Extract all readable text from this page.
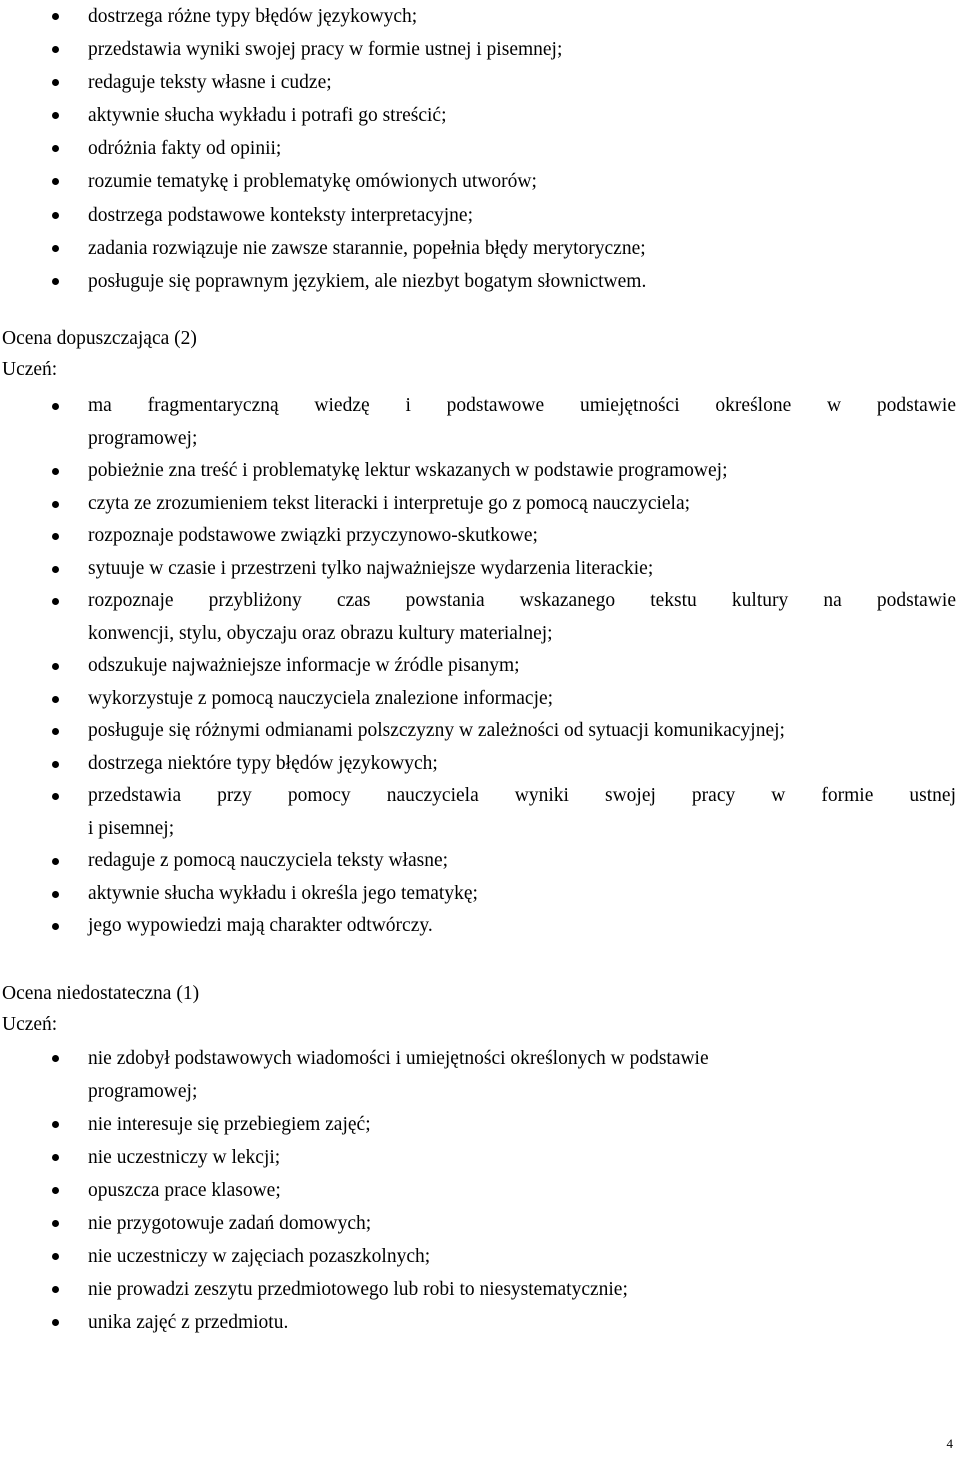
dostrzega różne typy błędów językowych;
przedstawia wyniki swojej pracy w formie ustnej i pisemnej;
redaguje teksty własne i cudze;
aktywnie słucha wykładu i potrafi go streścić;
odróżnia fakty od opinii;
rozumie tematykę i problematykę omówionych utworów;
dostrzega podstawowe konteksty interpretacyjne;
zadania rozwiązuje nie zawsze starannie, popełnia błędy merytoryczne;
posługuje się poprawnym językiem, ale niezbyt bogatym słownictwem.
Ocena dopuszczająca (2)
Uczeń:
ma fragmentaryczną wiedzę i podstawowe umiejętności określone w podstawie
programowej;
pobieżnie zna treść i problematykę lektur wskazanych w podstawie programowej;
czyta ze zrozumieniem tekst literacki i interpretuje go z pomocą nauczyciela;
rozpoznaje podstawowe związki przyczynowo-skutkowe;
sytuuje w czasie i przestrzeni tylko najważniejsze wydarzenia literackie;
rozpoznaje przybliżony czas powstania wskazanego tekstu kultury na podstawie
konwencji, stylu, obyczaju oraz obrazu kultury materialnej;
odszukuje najważniejsze informacje w źródle pisanym;
wykorzystuje z pomocą nauczyciela znalezione informacje;
posługuje się różnymi odmianami polszczyzny w zależności od sytuacji komunikacyjnej;
dostrzega niektóre typy błędów językowych;
przedstawia przy pomocy nauczyciela wyniki swojej pracy w formie ustnej
i pisemnej;
redaguje z pomocą nauczyciela teksty własne;
aktywnie słucha wykładu i określa jego tematykę;
jego wypowiedzi mają charakter odtwórczy.
Ocena niedostateczna (1)
Uczeń:
nie zdobył podstawowych wiadomości i umiejętności określonych w podstawie
programowej;
nie interesuje się przebiegiem zajęć;
nie uczestniczy w lekcji;
opuszcza prace klasowe;
nie przygotowuje zadań domowych;
nie uczestniczy w zajęciach pozaszkolnych;
nie prowadzi zeszytu przedmiotowego lub robi to niesystematycznie;
unika zajęć z przedmiotu.
4
